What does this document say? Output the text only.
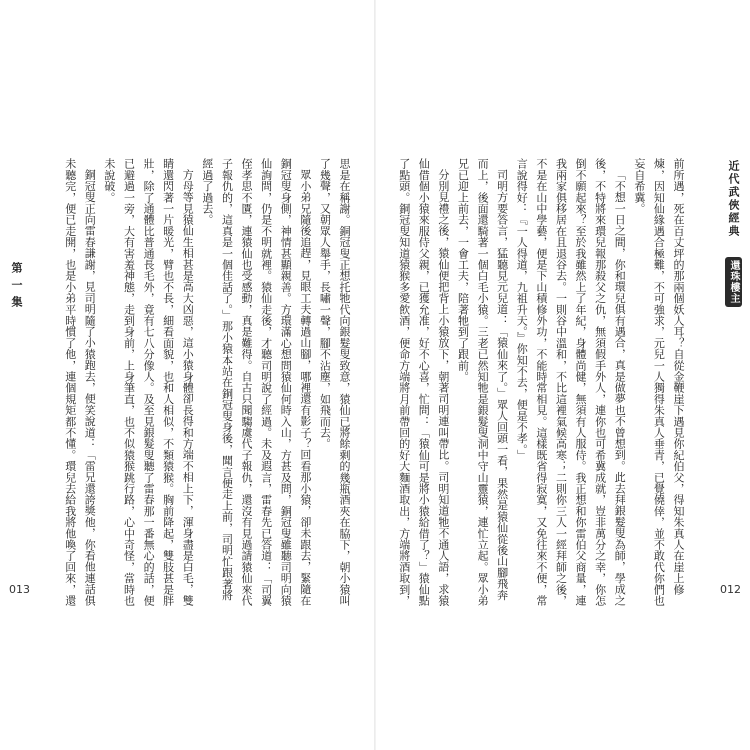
第一集	思是在稱謝。銅冠叟正想托牠代向銀髮叟致意，猿仙已將餘剩的幾瓶酒夾在脇下，朝小猿叫了幾聲，又朝眾人舉手，長嘯一聲，腳不沾塵，如飛而去。

眾小弟兄隨後追趕，見眼工夫轉過山腳，哪裡還有影子？回看那小猿，卻未跟去，緊隨在銅冠叟身側，神情甚顯親善。方環滿心想問猿仙何時入山，方甚及問，銅冠叟雖聽司明向猿仙詢問，仍是不明就裡。猿仙走後，才聽司明說了經過。未及遐言，雷春先已答道：「司翼侄孝思不匱，連猿仙也受感動，真是難得。自古只聞騶虞代子報仇，還沒有見過請猿仙來代子報仇的，這真是一個佳話了。」那小猿本站在銅冠叟身後，聞言便走上前，司明忙跟著將經過了過去。

方母等見猿仙生相甚是高大凶惡，這小猿身體卻長得和方端不相上下，渾身盡是白毛，雙睛還閃著一片暖光，臂也不長，細看面貌，也和人相似，不類猿猴。胸前降起，雙肢甚是胖壯，除了通體比普通長毛外，竟有七八分像人。及至見銀髮叟聽了雷春那一番無心的話，便已避過一旁，大有害羞神態，走到身前，上身筆直，也不似猿猴跳行路，心中奇怪，當時也未說破。

銅冠叟正向雷春謙謝，見司明隨了小猿跑去，便笑說道：「雷兄還誇獎他，你看他連話俱未聽完，便已走開，也是小弟平時慣了他，連個規矩都不懂。環兒去給我將他喚了回來，還

013
近代武俠經典 還珠樓主

前所遇，死在百丈坪的那兩個妖人耳？自從金鞭崖下遇見你紀伯父，得知朱真人在崖上修煉，因知仙緣遇合極難，不可強求，元兒一人獨得朱真人垂青，已覺僥倖，並不敢代你們也妄自希冀。

「不想一日之間，你和環兒俱有遇合，真是做夢也不曾想到。此去拜銀髮叟為師，學成之後，不特將來環兒報那殺父之仇，無須假手外人，連你也可希冀成就，豈非萬分之幸，你怎倒不願起來？至於我雖然上了年紀，身體尚健，無須有人服侍。我正想和你雷伯父商量，連我兩家俱移居在且退谷去。一則谷中溫和，不比這裡氣候高寒；二則你三人一經拜師之後，不是在山中學藝，便是下山積修外功，不能時常相見。這樣既省得寂寞，又免往來不便，常言說得好：『一人得道，九祖升天。』你知不去，便是不孝。」

司明方要答言，猛聽見元兒道：「猿仙來了。」眾人回頭一看，果然是猿仙從後山腳飛奔而上，後面還騎著一個白毛小猿。三老已然知牠是銀髮叟洞中守山靈猿，連忙立起。眾小弟兄已迎上前去，一會工夫，陪著牠到了跟前。

分別見禮之後，猿仙便把背上小猿放下，朝著司明連叫帶比。司明知道牠不通人語，求猿仙借個小猿來服侍父親，已獲允准，好不心喜，忙問：「猿仙可是將小猿給借了？」猿仙點了點頭。銅冠叟知道猿猴多愛飲酒，便命方端將月前帶回的好大麵酒取出，方端將酒取到，

012
